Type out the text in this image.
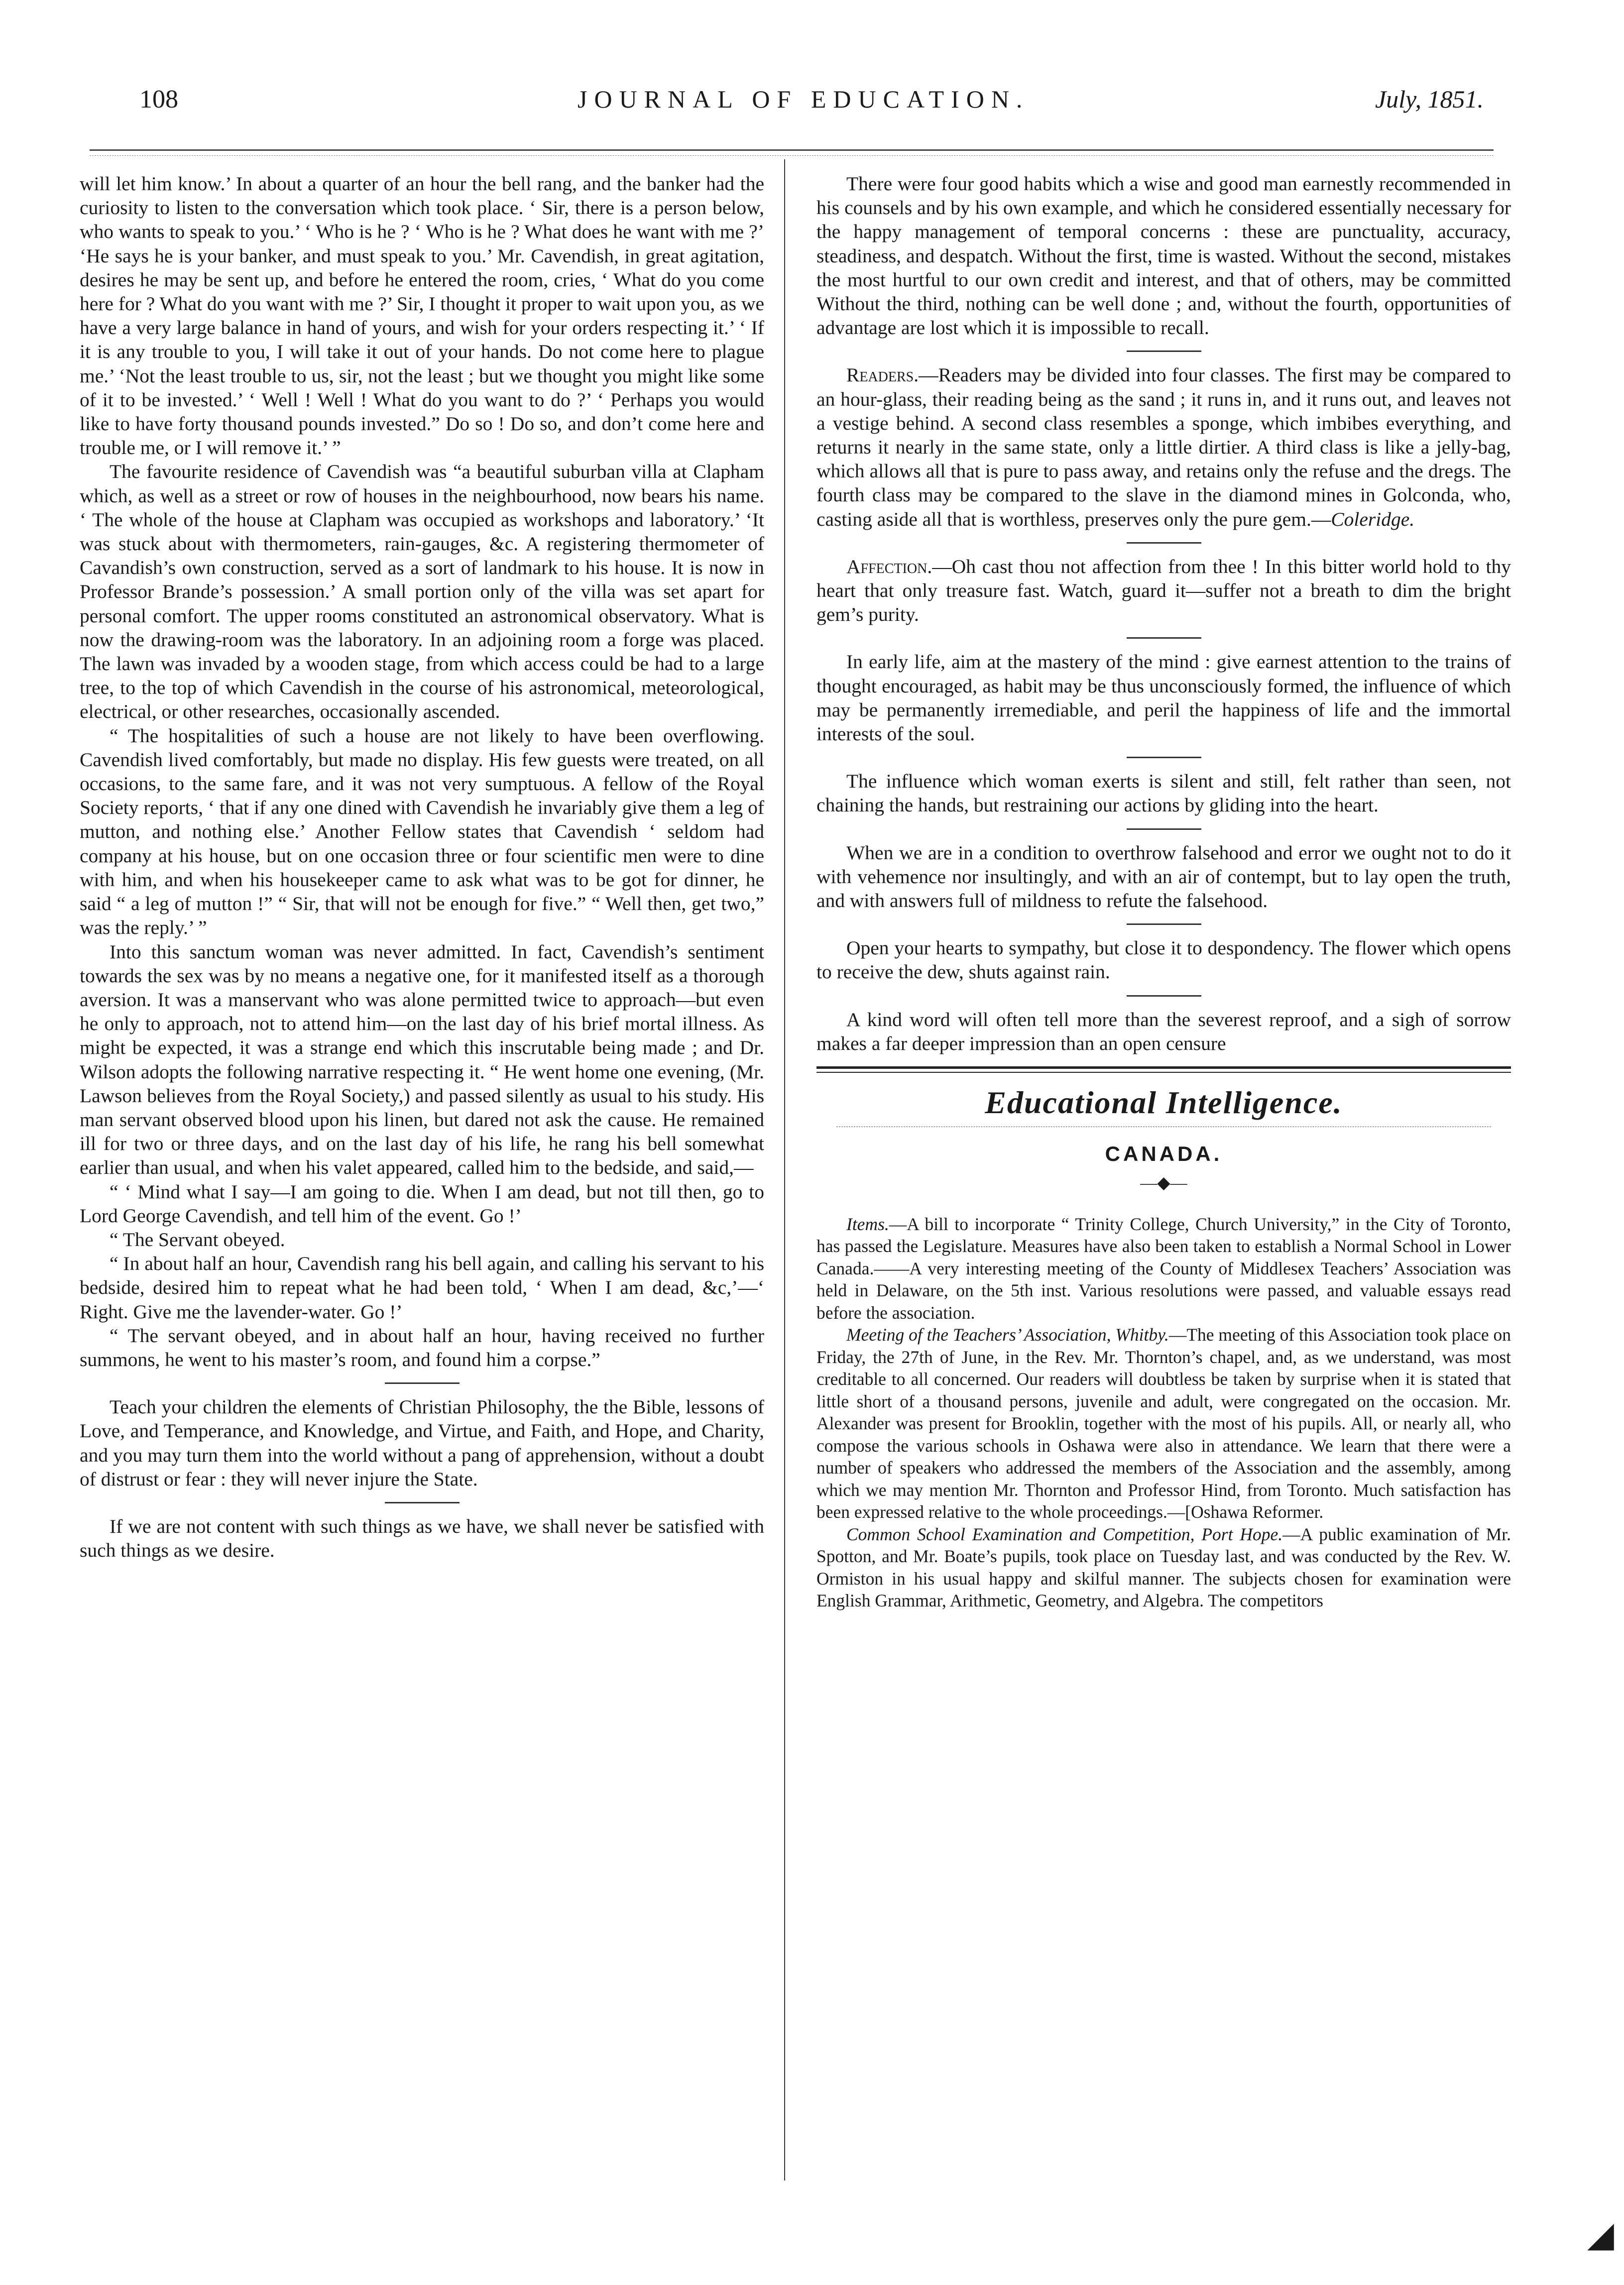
108	JOURNAL OF EDUCATION.	July, 1851.

will let him know.’ In about a quarter of an hour the bell rang, and the banker had the curiosity to listen to the conversation which took place. ‘ Sir, there is a person below, who wants to speak to you.’ ‘ Who is he ? ‘ Who is he ? What does he want with me ?’ ‘He says he is your banker, and must speak to you.’ Mr. Cavendish, in great agitation, desires he may be sent up, and before he entered the room, cries, ‘ What do you come here for ? What do you want with me ?’ Sir, I thought it proper to wait upon you, as we have a very large balance in hand of yours, and wish for your orders respecting it.’ ‘ If it is any trouble to you, I will take it out of your hands. Do not come here to plague me.’ ‘Not the least trouble to us, sir, not the least ; but we thought you might like some of it to be invested.’ ‘ Well ! Well ! What do you want to do ?’ ‘ Perhaps you would like to have forty thousand pounds invested.” Do so ! Do so, and don’t come here and trouble me, or I will remove it.’ ”

The favourite residence of Cavendish was “a beautiful suburban villa at Clapham which, as well as a street or row of houses in the neighbourhood, now bears his name. ‘ The whole of the house at Clapham was occupied as workshops and laboratory.’ ‘It was stuck about with thermometers, rain-gauges, &c. A registering thermometer of Cavandish’s own construction, served as a sort of landmark to his house. It is now in Professor Brande’s possession.’ A small portion only of the villa was set apart for personal comfort. The upper rooms constituted an astronomical observatory. What is now the drawing-room was the laboratory. In an adjoining room a forge was placed. The lawn was invaded by a wooden stage, from which access could be had to a large tree, to the top of which Cavendish in the course of his astronomical, meteorological, electrical, or other researches, occasionally ascended.

“ The hospitalities of such a house are not likely to have been overflowing. Cavendish lived comfortably, but made no display. His few guests were treated, on all occasions, to the same fare, and it was not very sumptuous. A fellow of the Royal Society reports, ‘ that if any one dined with Cavendish he invariably give them a leg of mutton, and nothing else.’ Another Fellow states that Cavendish ‘ seldom had company at his house, but on one occasion three or four scientific men were to dine with him, and when his housekeeper came to ask what was to be got for dinner, he said “ a leg of mutton !” “ Sir, that will not be enough for five.” “ Well then, get two,” was the reply.’ ”

Into this sanctum woman was never admitted. In fact, Cavendish’s sentiment towards the sex was by no means a negative one, for it manifested itself as a thorough aversion. It was a manservant who was alone permitted twice to approach—but even he only to approach, not to attend him—on the last day of his brief mortal illness. As might be expected, it was a strange end which this inscrutable being made ; and Dr. Wilson adopts the following narrative respecting it. “ He went home one evening, (Mr. Lawson believes from the Royal Society,) and passed silently as usual to his study. His man servant observed blood upon his linen, but dared not ask the cause. He remained ill for two or three days, and on the last day of his life, he rang his bell somewhat earlier than usual, and when his valet appeared, called him to the bedside, and said,—

“ ‘ Mind what I say—I am going to die. When I am dead, but not till then, go to Lord George Cavendish, and tell him of the event. Go !’

“ The Servant obeyed.

“ In about half an hour, Cavendish rang his bell again, and calling his servant to his bedside, desired him to repeat what he had been told, ‘ When I am dead, &c,’—‘ Right. Give me the lavender-water. Go !’

“ The servant obeyed, and in about half an hour, having received no further summons, he went to his master’s room, and found him a corpse.”

Teach your children the elements of Christian Philosophy, the the Bible, lessons of Love, and Temperance, and Knowledge, and Virtue, and Faith, and Hope, and Charity, and you may turn them into the world without a pang of apprehension, without a doubt of distrust or fear : they will never injure the State.

If we are not content with such things as we have, we shall never be satisfied with such things as we desire.

There were four good habits which a wise and good man earnestly recommended in his counsels and by his own example, and which he considered essentially necessary for the happy management of temporal concerns : these are punctuality, accuracy, steadiness, and despatch. Without the first, time is wasted. Without the second, mistakes the most hurtful to our own credit and interest, and that of others, may be committed Without the third, nothing can be well done ; and, without the fourth, opportunities of advantage are lost which it is impossible to recall.

Readers.—Readers may be divided into four classes. The first may be compared to an hour-glass, their reading being as the sand ; it runs in, and it runs out, and leaves not a vestige behind. A second class resembles a sponge, which imbibes everything, and returns it nearly in the same state, only a little dirtier. A third class is like a jelly-bag, which allows all that is pure to pass away, and retains only the refuse and the dregs. The fourth class may be compared to the slave in the diamond mines in Golconda, who, casting aside all that is worthless, preserves only the pure gem.—Coleridge.

Affection.—Oh cast thou not affection from thee ! In this bitter world hold to thy heart that only treasure fast. Watch, guard it—suffer not a breath to dim the bright gem’s purity.

In early life, aim at the mastery of the mind : give earnest attention to the trains of thought encouraged, as habit may be thus unconsciously formed, the influence of which may be permanently irremediable, and peril the happiness of life and the immortal interests of the soul.

The influence which woman exerts is silent and still, felt rather than seen, not chaining the hands, but restraining our actions by gliding into the heart.

When we are in a condition to overthrow falsehood and error we ought not to do it with vehemence nor insultingly, and with an air of contempt, but to lay open the truth, and with answers full of mildness to refute the falsehood.

Open your hearts to sympathy, but close it to despondency. The flower which opens to receive the dew, shuts against rain.

A kind word will often tell more than the severest reproof, and a sigh of sorrow makes a far deeper impression than an open censure

Educational Intelligence.
CANADA.
—◆—

Items.—A bill to incorporate “ Trinity College, Church University,” in the City of Toronto, has passed the Legislature. Measures have also been taken to establish a Normal School in Lower Canada.——A very interesting meeting of the County of Middlesex Teachers’ Association was held in Delaware, on the 5th inst. Various resolutions were passed, and valuable essays read before the association.

Meeting of the Teachers’ Association, Whitby.—The meeting of this Association took place on Friday, the 27th of June, in the Rev. Mr. Thornton’s chapel, and, as we understand, was most creditable to all concerned. Our readers will doubtless be taken by surprise when it is stated that little short of a thousand persons, juvenile and adult, were congregated on the occasion. Mr. Alexander was present for Brooklin, together with the most of his pupils. All, or nearly all, who compose the various schools in Oshawa were also in attendance. We learn that there were a number of speakers who addressed the members of the Association and the assembly, among which we may mention Mr. Thornton and Professor Hind, from Toronto. Much satisfaction has been expressed relative to the whole proceedings.—[Oshawa Reformer.

Common School Examination and Competition, Port Hope.—A public examination of Mr. Spotton, and Mr. Boate’s pupils, took place on Tuesday last, and was conducted by the Rev. W. Ormiston in his usual happy and skilful manner. The subjects chosen for examination were English Grammar, Arithmetic, Geometry, and Algebra. The competitors

◢
